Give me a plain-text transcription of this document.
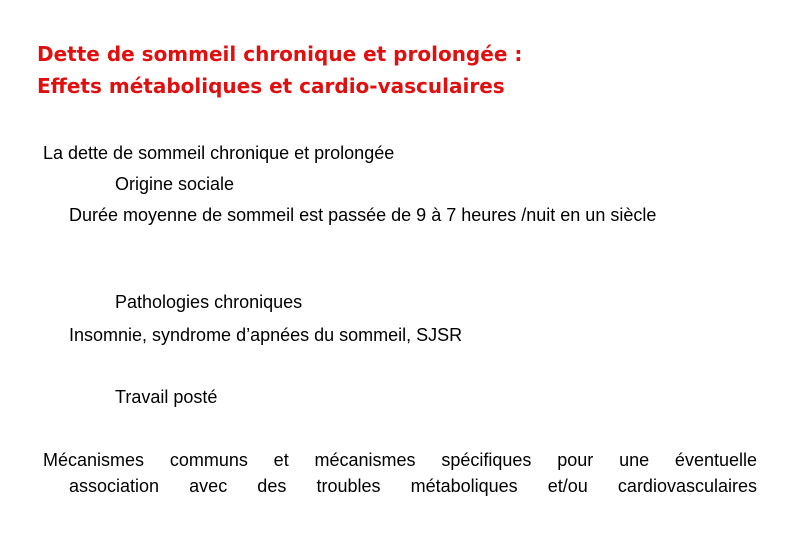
Dette de sommeil chronique et prolongée :
Effets métaboliques et cardio-vasculaires

La dette de sommeil chronique et prolongée

Origine sociale

Durée moyenne de sommeil est passée de 9 à 7 heures /nuit en un siècle

Pathologies chroniques

Insomnie, syndrome d’apnées du sommeil, SJSR

Travail posté

Mécanismes communs et mécanismes spécifiques pour une éventuelle
association avec des troubles métaboliques et/ou cardiovasculaires
